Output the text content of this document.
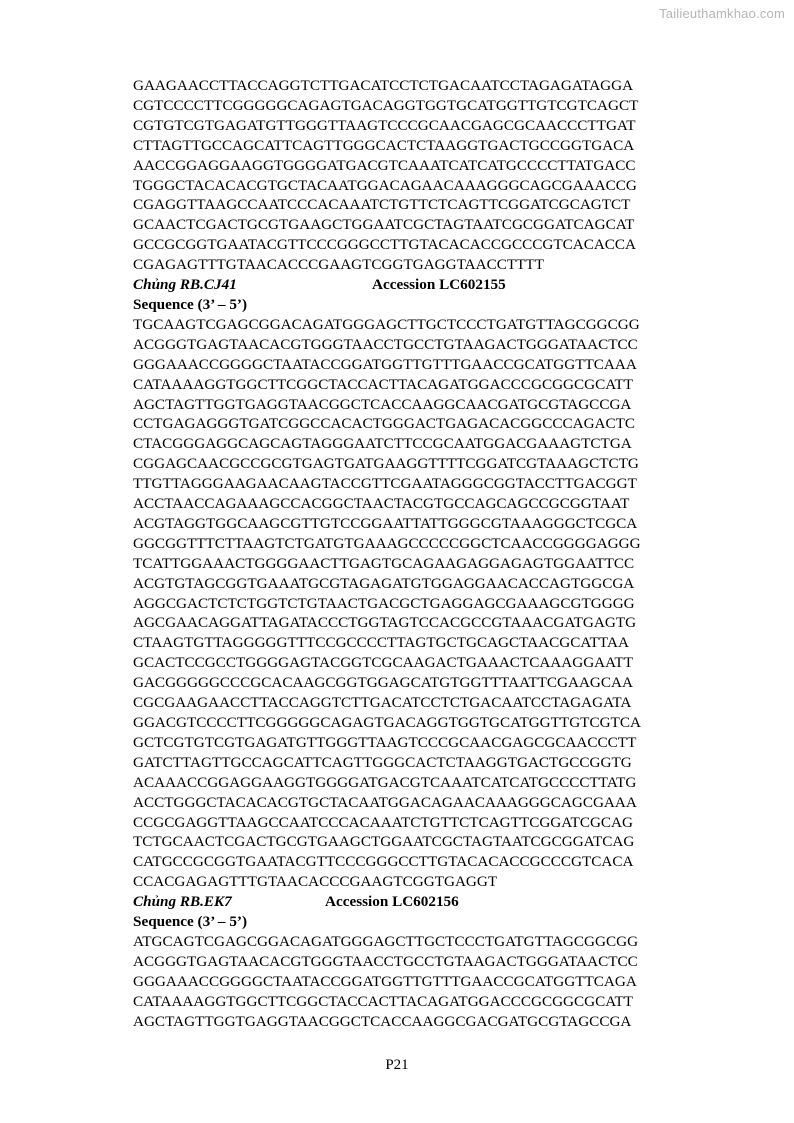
Tailieuthamkhao.com
GAAGAACCTTACCAGGTCTTGACATCCTCTGACAATCCTAGAGATAGGA
CGTCCCCTTCGGGGGCAGAGTGACAGGTGGTGCATGGTTGTCGTCAGCT
CGTGTCGTGAGATGTTGGGTTAAGTCCCGCAACGAGCGCAACCCTTGAT
CTTAGTTGCCAGCATTCAGTTGGGCACTCTAAGGTGACTGCCGGTGACA
AACCGGAGGAAGGTGGGGATGACGTCAAATCATCATGCCCCTTATGACC
TGGGCTACACACGTGCTACAATGGACAGAACAAAGGGCAGCGAAACCG
CGAGGTTAAGCCAATCCCACAAATCTGTTCTCAGTTCGGATCGCAGTCT
GCAACTCGACTGCGTGAAGCTGGAATCGCTAGTAATCGCGGATCAGCAT
GCCGCGGTGAATACGTTCCCGGGCCTTGTACACACCGCCCGTCACACCA
CGAGAGTTTGTAACACCCGAAGTCGGTGAGGTAACCTTTT
Chủng RB.CJ41	Accession LC602155
Sequence (3’ – 5’)
TGCAAGTCGAGCGGACAGATGGGAGCTTGCTCCCTGATGTTAGCGGCGG
ACGGGTGAGTAACACGTGGGTAACCTGCCTGTAAGACTGGGATAACTCC
GGGAAACCGGGGCTAATACCGGATGGTTGTTTGAACCGCATGGTTCAAA
CATAAAAGGTGGCTTCGGCTACCACTTACAGATGGACCCGCGGCGCATT
AGCTAGTTGGTGAGGTAACGGCTCACCAAGGCAACGATGCGTAGCCGA
CCTGAGAGGGTGATCGGCCACACTGGGACTGAGACACGGCCCAGACTC
CTACGGGAGGCAGCAGTAGGGAATCTTCCGCAATGGACGAAAGTCTGA
CGGAGCAACGCCGCGTGAGTGATGAAGGTTTTCGGATCGTAAAGCTCTG
TTGTTAGGGAAGAACAAGTACCGTTCGAATAGGGCGGTACCTTGACGGT
ACCTAACCAGAAAGCCACGGCTAACTACGTGCCAGCAGCCGCGGTAAT
ACGTAGGTGGCAAGCGTTGTCCGGAATTATTGGGCGTAAAGGGCTCGCA
GGCGGTTTCTTAAGTCTGATGTGAAAGCCCCCGGCTCAACCGGGGAGGG
TCATTGGAAACTGGGGAACTTGAGTGCAGAAGAGGAGAGTGGAATTCC
ACGTGTAGCGGTGAAATGCGTAGAGATGTGGAGGAACACCAGTGGCGA
AGGCGACTCTCTGGTCTGTAACTGACGCTGAGGAGCGAAAGCGTGGGG
AGCGAACAGGATTAGATACCCTGGTAGTCCACGCCGTAAACGATGAGTG
CTAAGTGTTAGGGGGTTTCCGCCCCTTAGTGCTGCAGCTAACGCATTAA
GCACTCCGCCTGGGGAGTACGGTCGCAAGACTGAAACTCAAAGGAATT
GACGGGGGCCCGCACAAGCGGTGGAGCATGTGGTTTAATTCGAAGCAA
CGCGAAGAACCTTACCAGGTCTTGACATCCTCTGACAATCCTAGAGATA
GGACGTCCCCTTCGGGGGCAGAGTGACAGGTGGTGCATGGTTGTCGTCA
GCTCGTGTCGTGAGATGTTGGGTTAAGTCCCGCAACGAGCGCAACCCTT
GATCTTAGTTGCCAGCATTCAGTTGGGCACTCTAAGGTGACTGCCGGTG
ACAAACCGGAGGAAGGTGGGGATGACGTCAAATCATCATGCCCCTTATG
ACCTGGGCTACACACGTGCTACAATGGACAGAACAAAGGGCAGCGAAA
CCGCGAGGTTAAGCCAATCCCACAAATCTGTTCTCAGTTCGGATCGCAG
TCTGCAACTCGACTGCGTGAAGCTGGAATCGCTAGTAATCGCGGATCAG
CATGCCGCGGTGAATACGTTCCCGGGCCTTGTACACACCGCCCGTCACA
CCACGAGAGTTTGTAACACCCGAAGTCGGTGAGGT
Chủng RB.EK7	Accession LC602156
Sequence (3’ – 5’)
ATGCAGTCGAGCGGACAGATGGGAGCTTGCTCCCTGATGTTAGCGGCGG
ACGGGTGAGTAACACGTGGGTAACCTGCCTGTAAGACTGGGATAACTCC
GGGAAACCGGGGCTAATACCGGATGGTTGTTTGAACCGCATGGTTCAGA
CATAAAAGGTGGCTTCGGCTACCACTTACAGATGGACCCGCGGCGCATT
AGCTAGTTGGTGAGGTAACGGCTCACCAAGGCGACGATGCGTAGCCGA
P21
